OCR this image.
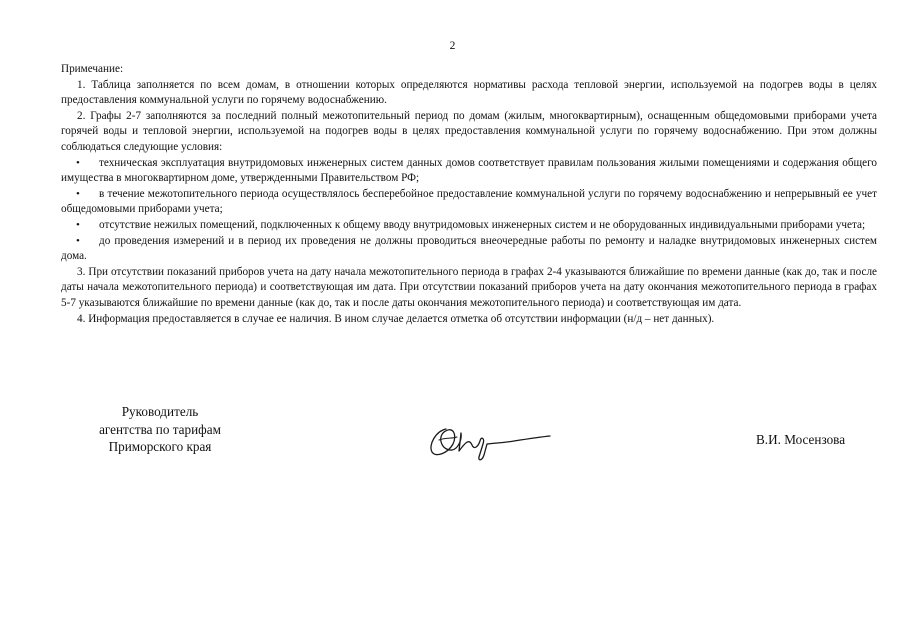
2

Примечание:

1. Таблица заполняется по всем домам, в отношении которых определяются нормативы расхода тепловой энергии, используемой на подогрев воды в целях предоставления коммунальной услуги по горячему водоснабжению.

2. Графы 2-7 заполняются за последний полный межотопительный период по домам (жилым, многоквартирным), оснащенным общедомовыми приборами учета горячей воды и тепловой энергии, используемой на подогрев воды в целях предоставления коммунальной услуги по горячему водоснабжению. При этом должны соблюдаться следующие условия:

• техническая эксплуатация внутридомовых инженерных систем данных домов соответствует правилам пользования жилыми помещениями и содержания общего имущества в многоквартирном доме, утвержденными Правительством РФ;

• в течение межотопительного периода осуществлялось бесперебойное предоставление коммунальной услуги по горячему водоснабжению и непрерывный ее учет общедомовыми приборами учета;

• отсутствие нежилых помещений, подключенных к общему вводу внутридомовых инженерных систем и не оборудованных индивидуальными приборами учета;

• до проведения измерений и в период их проведения не должны проводиться внеочередные работы по ремонту и наладке внутридомовых инженерных систем дома.

3. При отсутствии показаний приборов учета на дату начала межотопительного периода в графах 2-4 указываются ближайшие по времени данные (как до, так и после даты начала межотопительного периода) и соответствующая им дата. При отсутствии показаний приборов учета на дату окончания межотопительного периода в графах 5-7 указываются ближайшие по времени данные (как до, так и после даты окончания межотопительного периода) и соответствующая им дата.

4. Информация предоставляется в случае ее наличия. В ином случае делается отметка об отсутствии информации (н/д – нет данных).

Руководитель
агентства по тарифам
Приморского края	В.И. Мосензова
